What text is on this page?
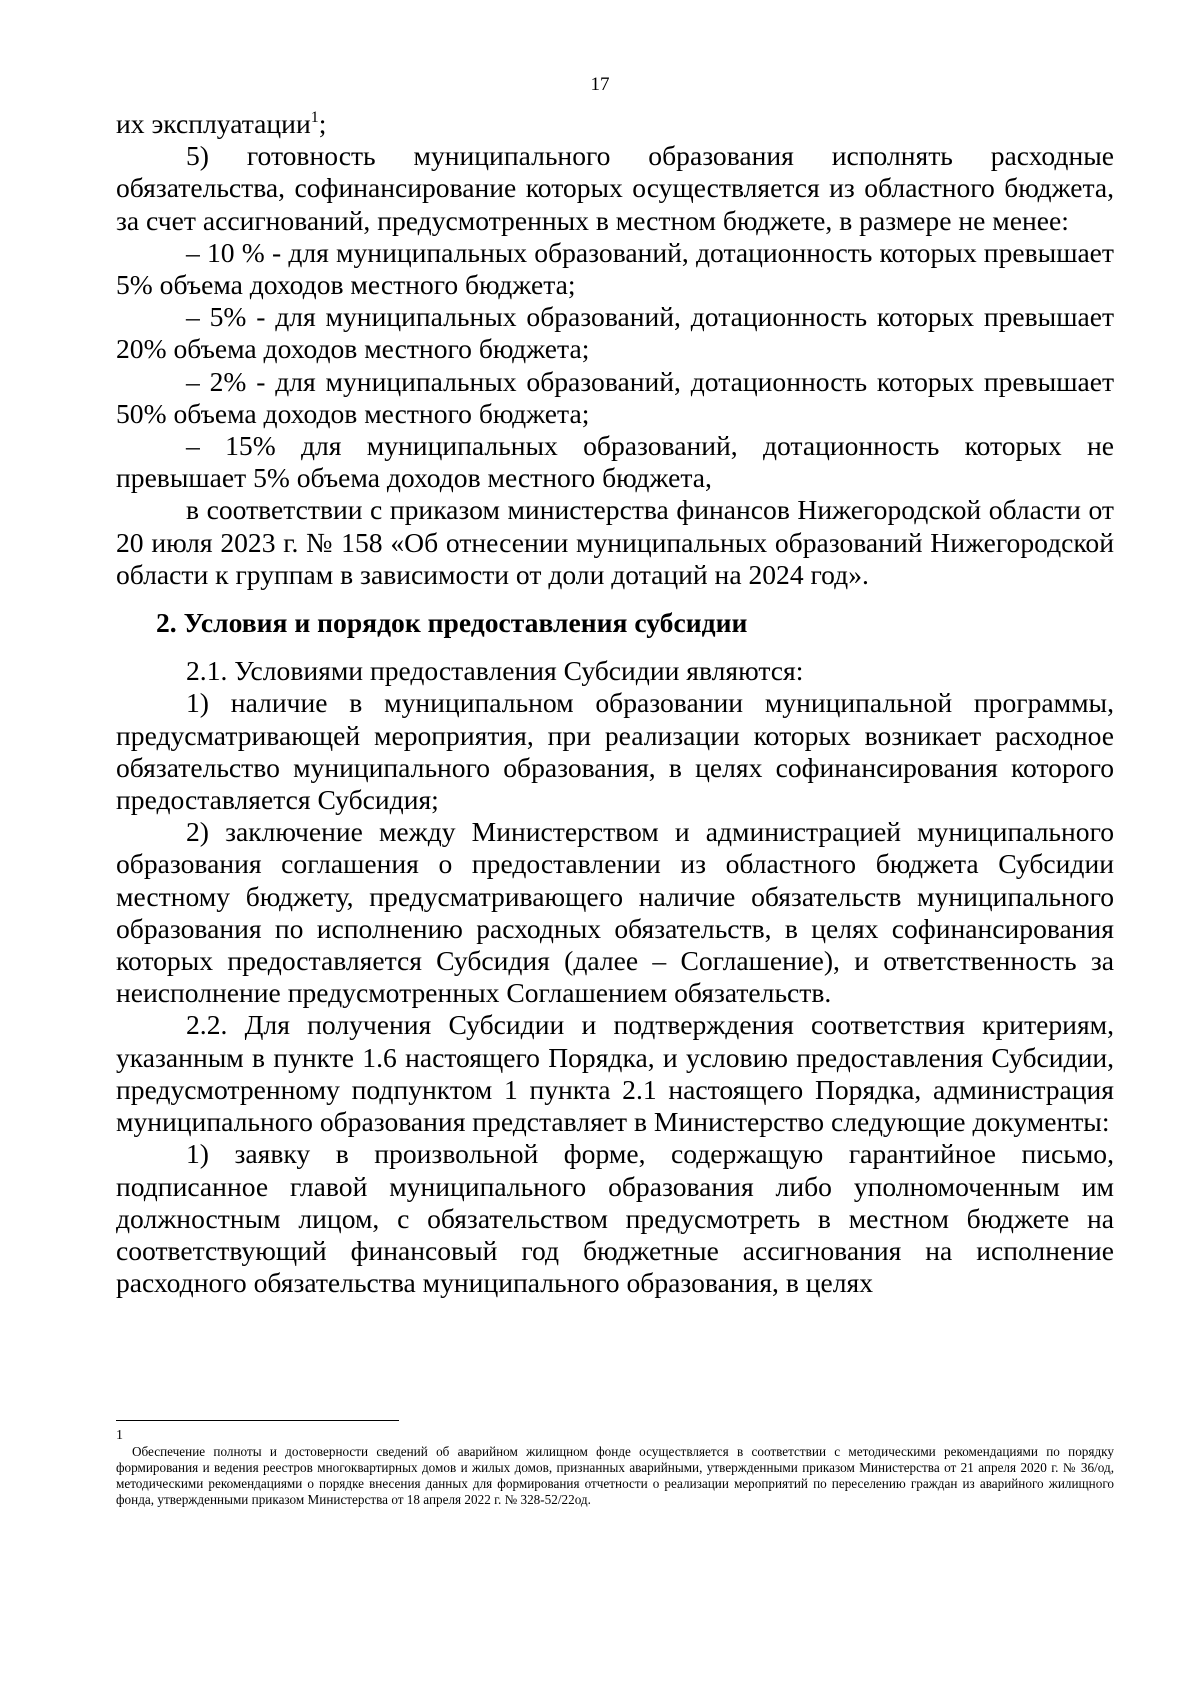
17

их эксплуатации$^1$;

5) готовность муниципального образования исполнять расходные обязательства, софинансирование которых осуществляется из областного бюджета, за счет ассигнований, предусмотренных в местном бюджете, в размере не менее:

– 10 % - для муниципальных образований, дотационность которых превышает 5% объема доходов местного бюджета;

– 5% - для муниципальных образований, дотационность которых превышает 20% объема доходов местного бюджета;

– 2% - для муниципальных образований, дотационность которых превышает 50% объема доходов местного бюджета;

– 15% для муниципальных образований, дотационность которых не превышает 5% объема доходов местного бюджета,

в соответствии с приказом министерства финансов Нижегородской области от 20 июля 2023 г. № 158 «Об отнесении муниципальных образований Нижегородской области к группам в зависимости от доли дотаций на 2024 год».

2. Условия и порядок предоставления субсидии

2.1. Условиями предоставления Субсидии являются:

1) наличие в муниципальном образовании муниципальной программы, предусматривающей мероприятия, при реализации которых возникает расходное обязательство муниципального образования, в целях софинансирования которого предоставляется Субсидия;

2) заключение между Министерством и администрацией муниципального образования соглашения о предоставлении из областного бюджета Субсидии местному бюджету, предусматривающего наличие обязательств муниципального образования по исполнению расходных обязательств, в целях софинансирования которых предоставляется Субсидия (далее – Соглашение), и ответственность за неисполнение предусмотренных Соглашением обязательств.

2.2. Для получения Субсидии и подтверждения соответствия критериям, указанным в пункте 1.6 настоящего Порядка, и условию предоставления Субсидии, предусмотренному подпунктом 1 пункта 2.1 настоящего Порядка, администрация муниципального образования представляет в Министерство следующие документы:

1) заявку в произвольной форме, содержащую гарантийное письмо, подписанное главой муниципального образования либо уполномоченным им должностным лицом, с обязательством предусмотреть в местном бюджете на соответствующий финансовый год бюджетные ассигнования на исполнение расходного обязательства муниципального образования, в целях

1
Обеспечение полноты и достоверности сведений об аварийном жилищном фонде осуществляется в соответствии с методическими рекомендациями по порядку формирования и ведения реестров многоквартирных домов и жилых домов, признанных аварийными, утвержденными приказом Министерства от 21 апреля 2020 г. № 36/од, методическими рекомендациями о порядке внесения данных для формирования отчетности о реализации мероприятий по переселению граждан из аварийного жилищного фонда, утвержденными приказом Министерства от 18 апреля 2022 г. № 328-52/22од.
